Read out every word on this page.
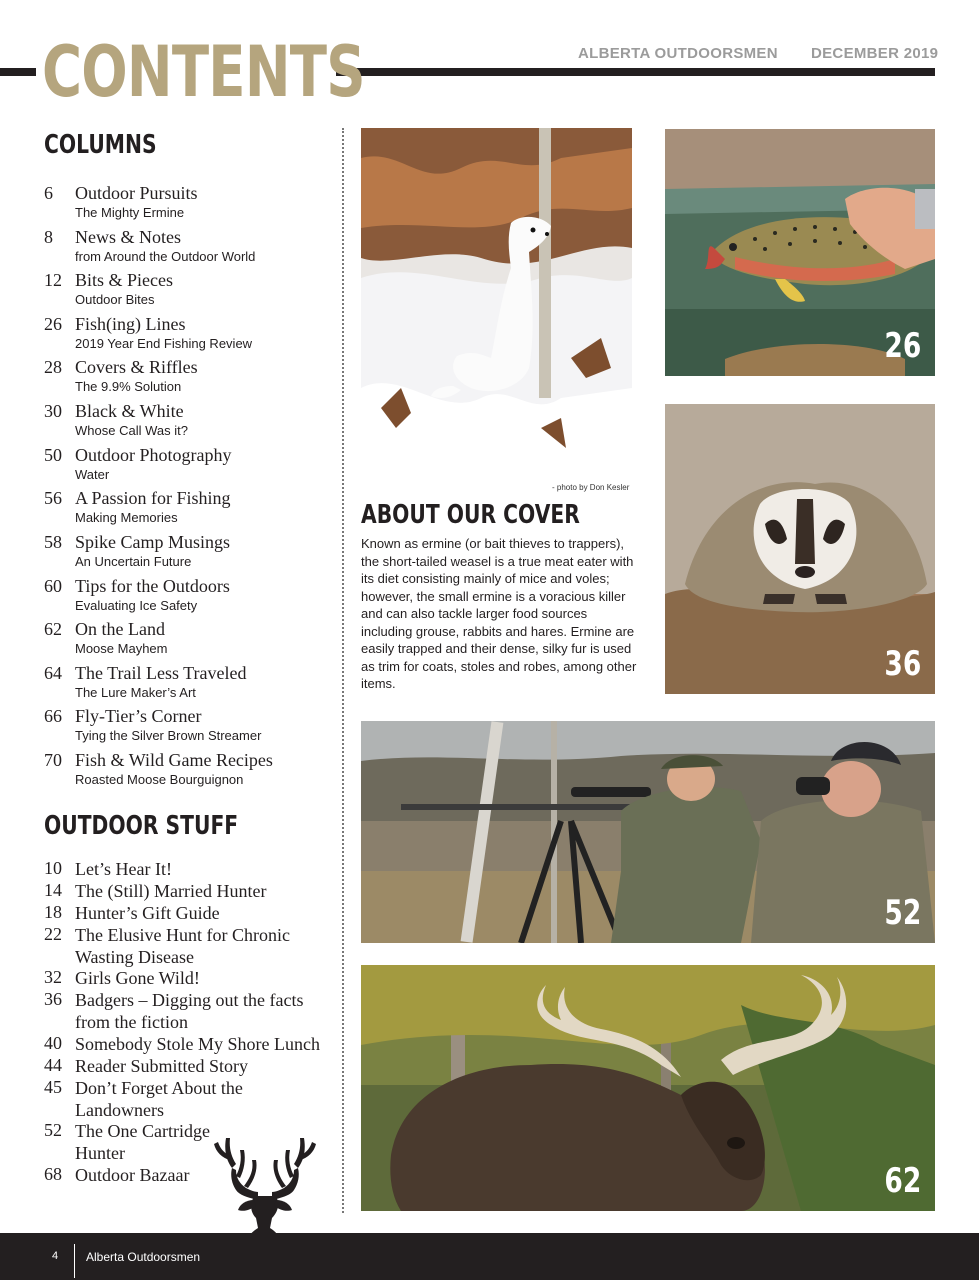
CONTENTS	ALBERTA OUTDOORSMEN DECEMBER 2019
COLUMNS
6	Outdoor Pursuits
The Mighty Ermine
8	News & Notes
from Around the Outdoor World
12 Bits & Pieces
Outdoor Bites
26 Fish(ing) Lines
2019 Year End Fishing Review
28 Covers & Riffles
The 9.9% Solution
30 Black & White
Whose Call Was it?
50 Outdoor Photography
Water
56 A Passion for Fishing
Making Memories
58 Spike Camp Musings
An Uncertain Future
60 Tips for the Outdoors
Evaluating Ice Safety
62 On the Land
Moose Mayhem
64 The Trail Less Traveled
The Lure Maker’s Art
66 Fly-Tier’s Corner
Tying the Silver Brown Streamer
70 Fish & Wild Game Recipes
Roasted Moose Bourguignon
OUTDOOR STUFF
10 Let’s Hear It!
14 The (Still) Married Hunter
18 Hunter’s Gift Guide
22 The Elusive Hunt for Chronic
Wasting Disease
32 Girls Gone Wild!
36 Badgers – Digging out the facts
from the fiction
40 Somebody Stole My Shore Lunch
44 Reader Submitted Story
45 Don’t Forget About the
Landowners
52 The One Cartridge
Hunter
68 Outdoor Bazaar
- photo by Don Kesler
ABOUT OUR COVER
Known as ermine (or bait thieves to trappers), the short-tailed weasel is a true meat eater with its diet consisting mainly of mice and voles; however, the small ermine is a voracious killer and can also tackle larger food sources including grouse, rabbits and hares. Ermine are easily trapped and their dense, silky fur is used as trim for coats, stoles and robes, among other items.
26
36
52
62
4 Alberta Outdoorsmen
